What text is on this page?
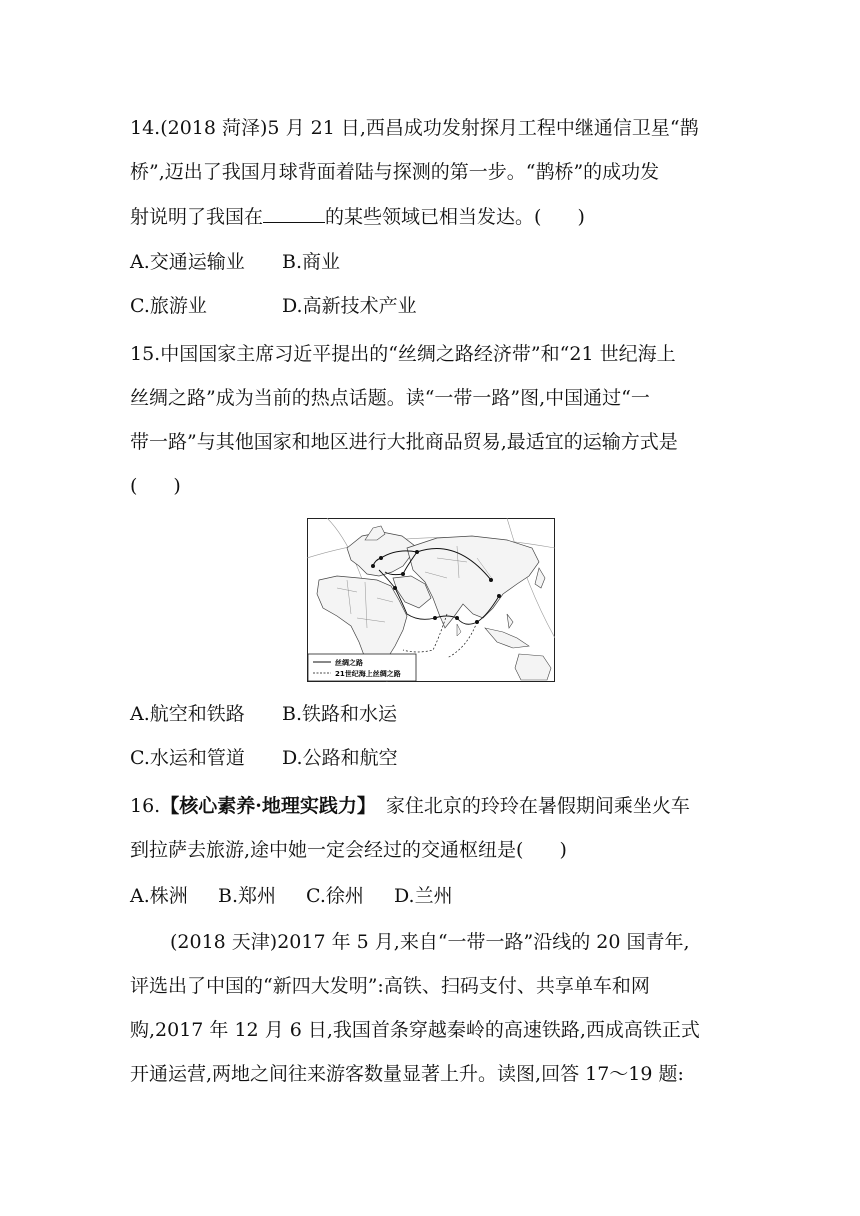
14.(2018 菏泽)5 月 21 日,西昌成功发射探月工程中继通信卫星“鹊
桥”,迈出了我国月球背面着陆与探测的第一步。“鹊桥”的成功发
射说明了我国在	的某些领域已相当发达。( )
A.交通运输业 B.商业
C.旅游业	D.高新技术产业
15.中国国家主席习近平提出的“丝绸之路经济带”和“21 世纪海上
丝绸之路”成为当前的热点话题。读“一带一路”图,中国通过“一
带一路”与其他国家和地区进行大批商品贸易,最适宜的运输方式是
( )
丝绸之路
21世纪海上丝绸之路
A.航空和铁路 B.铁路和水运
C.水运和管道 D.公路和航空
16.【核心素养·地理实践力】 家住北京的玲玲在暑假期间乘坐火车
到拉萨去旅游,途中她一定会经过的交通枢纽是( )
A.株洲 B.郑州 C.徐州 D.兰州
(2018 天津)2017 年 5 月,来自“一带一路”沿线的 20 国青年,
评选出了中国的“新四大发明”:高铁、扫码支付、共享单车和网
购,2017 年 12 月 6 日,我国首条穿越秦岭的高速铁路,西成高铁正式
开通运营,两地之间往来游客数量显著上升。读图,回答 17～19 题:
